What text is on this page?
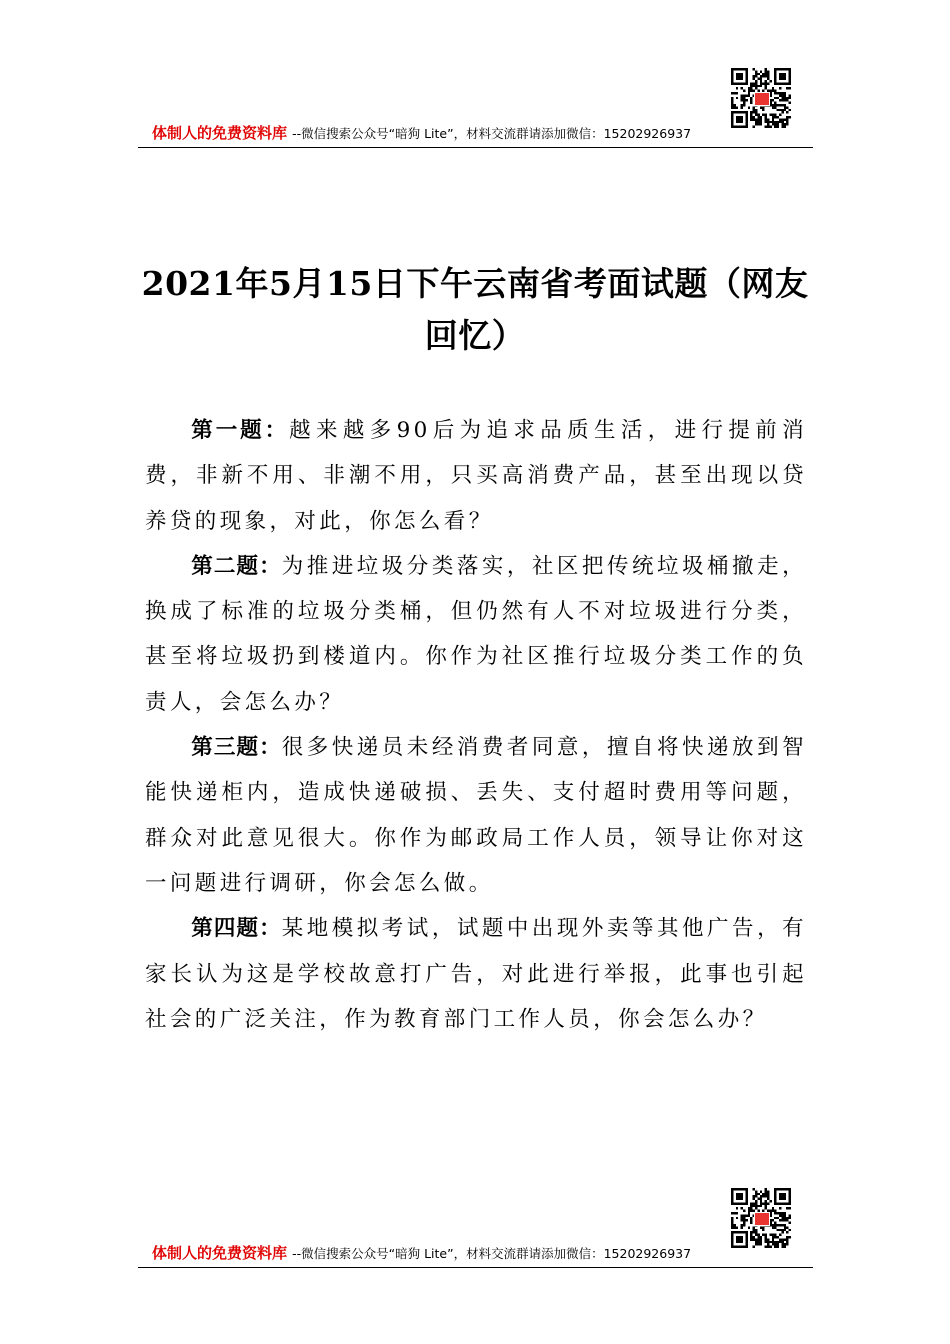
体制人的免费资料库 --微信搜索公众号“暗狗 Lite”，材料交流群请添加微信：15202926937
2021年5月15日下午云南省考面试题（网友回忆）

第一题：越来越多90后为追求品质生活，进行提前消费，非新不用、非潮不用，只买高消费产品，甚至出现以贷养贷的现象，对此，你怎么看？

第二题：为推进垃圾分类落实，社区把传统垃圾桶撤走，换成了标准的垃圾分类桶，但仍然有人不对垃圾进行分类，甚至将垃圾扔到楼道内。你作为社区推行垃圾分类工作的负责人，会怎么办？

第三题：很多快递员未经消费者同意，擅自将快递放到智能快递柜内，造成快递破损、丢失、支付超时费用等问题，群众对此意见很大。你作为邮政局工作人员，领导让你对这一问题进行调研，你会怎么做。

第四题：某地模拟考试，试题中出现外卖等其他广告，有家长认为这是学校故意打广告，对此进行举报，此事也引起社会的广泛关注，作为教育部门工作人员，你会怎么办？

体制人的免费资料库 --微信搜索公众号“暗狗 Lite”，材料交流群请添加微信：15202926937
